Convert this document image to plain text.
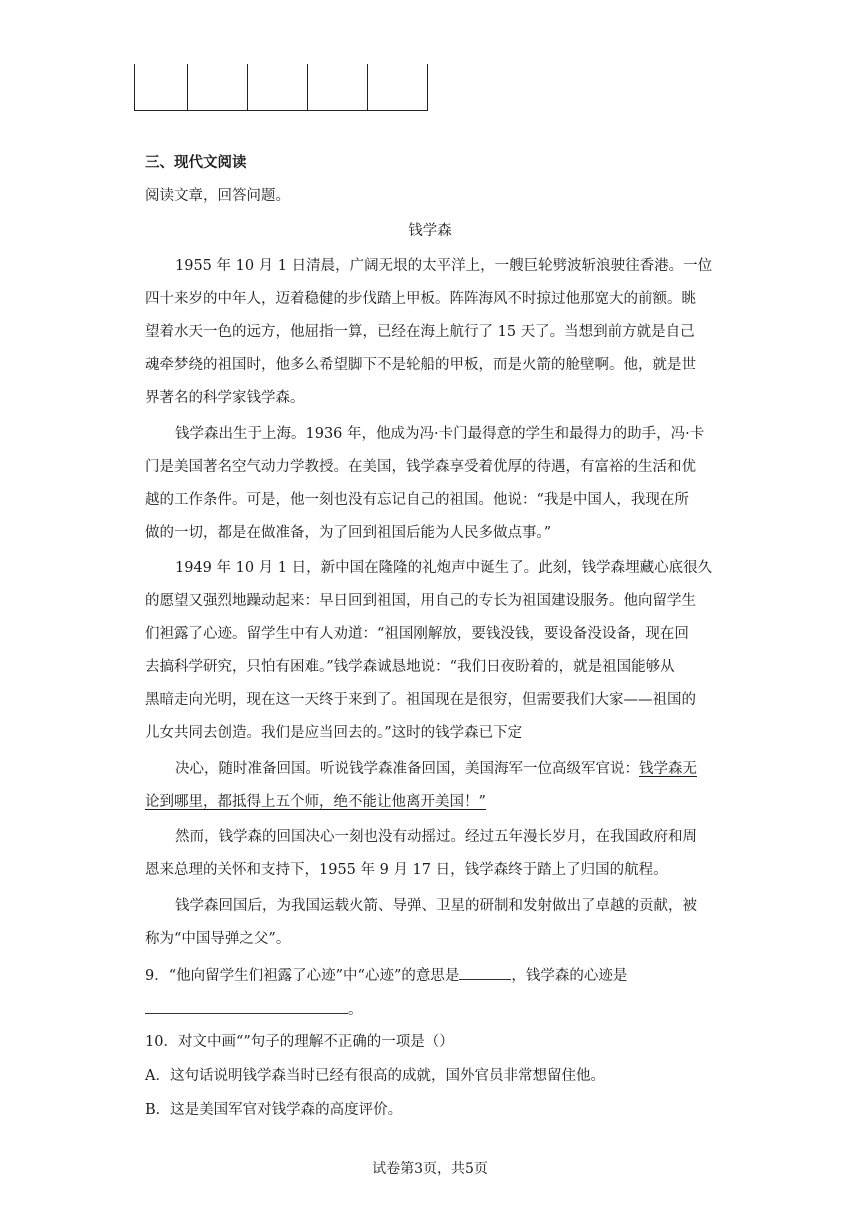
三、现代文阅读
阅读文章，回答问题。
钱学森
1955 年 10 月 1 日清晨，广阔无垠的太平洋上，一艘巨轮劈波斩浪驶往香港。一位
四十来岁的中年人，迈着稳健的步伐踏上甲板。阵阵海风不时掠过他那宽大的前额。眺
望着水天一色的远方，他屈指一算，已经在海上航行了 15 天了。当想到前方就是自己
魂牵梦绕的祖国时，他多么希望脚下不是轮船的甲板，而是火箭的舱壁啊。他，就是世
界著名的科学家钱学森。
钱学森出生于上海。1936 年，他成为冯·卡门最得意的学生和最得力的助手，冯·卡
门是美国著名空气动力学教授。在美国，钱学森享受着优厚的待遇，有富裕的生活和优
越的工作条件。可是，他一刻也没有忘记自己的祖国。他说：“我是中国人，我现在所
做的一切，都是在做准备，为了回到祖国后能为人民多做点事。”
1949 年 10 月 1 日，新中国在隆隆的礼炮声中诞生了。此刻，钱学森埋藏心底很久
的愿望又强烈地躁动起来：早日回到祖国，用自己的专长为祖国建设服务。他向留学生
们袒露了心迹。留学生中有人劝道：“祖国刚解放，要钱没钱，要设备没设备，现在回
去搞科学研究，只怕有困难。”钱学森诚恳地说：“我们日夜盼着的，就是祖国能够从
黑暗走向光明，现在这一天终于来到了。祖国现在是很穷，但需要我们大家——祖国的
儿女共同去创造。我们是应当回去的。”这时的钱学森已下定
决心，随时准备回国。听说钱学森准备回国，美国海军一位高级军官说：钱学森无
论到哪里，都抵得上五个师，绝不能让他离开美国！”
然而，钱学森的回国决心一刻也没有动摇过。经过五年漫长岁月，在我国政府和周
恩来总理的关怀和支持下，1955 年 9 月 17 日，钱学森终于踏上了归国的航程。
钱学森回国后，为我国运载火箭、导弹、卫星的研制和发射做出了卓越的贡献，被
称为“中国导弹之父”。
9．“他向留学生们袒露了心迹”中“心迹”的意思是	，钱学森的心迹是
。
10．对文中画“”句子的理解不正确的一项是（）
A．这句话说明钱学森当时已经有很高的成就，国外官员非常想留住他。
B．这是美国军官对钱学森的高度评价。
试卷第3页，共5页
